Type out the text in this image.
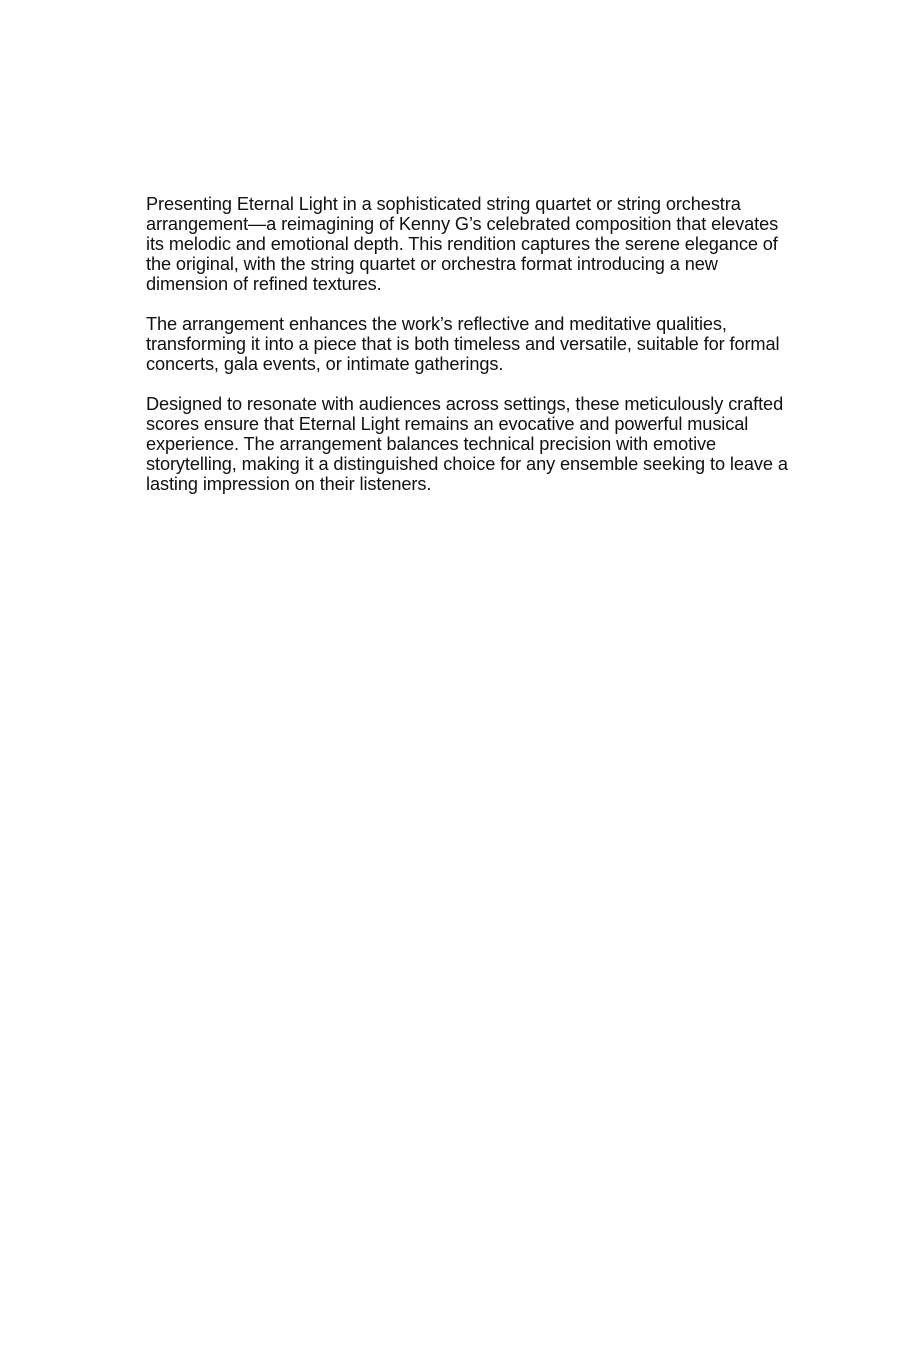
Presenting Eternal Light in a sophisticated string quartet or string orchestra
arrangement—a reimagining of Kenny G’s celebrated composition that elevates
its melodic and emotional depth. This rendition captures the serene elegance of
the original, with the string quartet or orchestra format introducing a new
dimension of refined textures.

The arrangement enhances the work’s reflective and meditative qualities,
transforming it into a piece that is both timeless and versatile, suitable for formal
concerts, gala events, or intimate gatherings.

Designed to resonate with audiences across settings, these meticulously crafted
scores ensure that Eternal Light remains an evocative and powerful musical
experience. The arrangement balances technical precision with emotive
storytelling, making it a distinguished choice for any ensemble seeking to leave a
lasting impression on their listeners.
